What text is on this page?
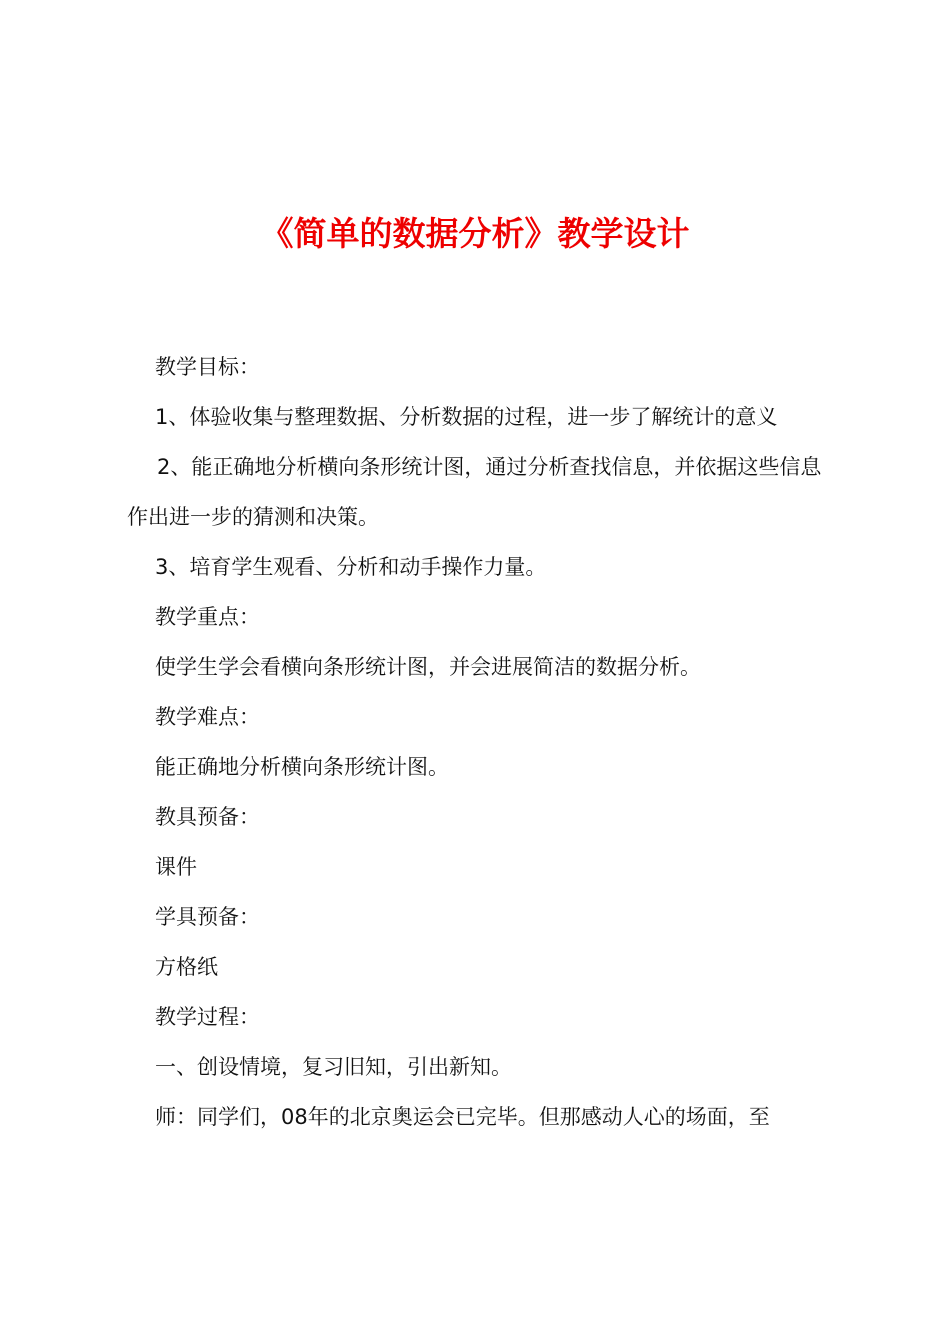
《简单的数据分析》教学设计

教学目标：

1、体验收集与整理数据、分析数据的过程，进一步了解统计的意义

2、能正确地分析横向条形统计图，通过分析查找信息，并依据这些信息作出进一步的猜测和决策。

3、培育学生观看、分析和动手操作力量。

教学重点：

使学生学会看横向条形统计图，并会进展简洁的数据分析。

教学难点：

能正确地分析横向条形统计图。

教具预备：

课件

学具预备：

方格纸

教学过程：

一、创设情境，复习旧知，引出新知。

师：同学们，08年的北京奥运会已完毕。但那感动人心的场面，至
